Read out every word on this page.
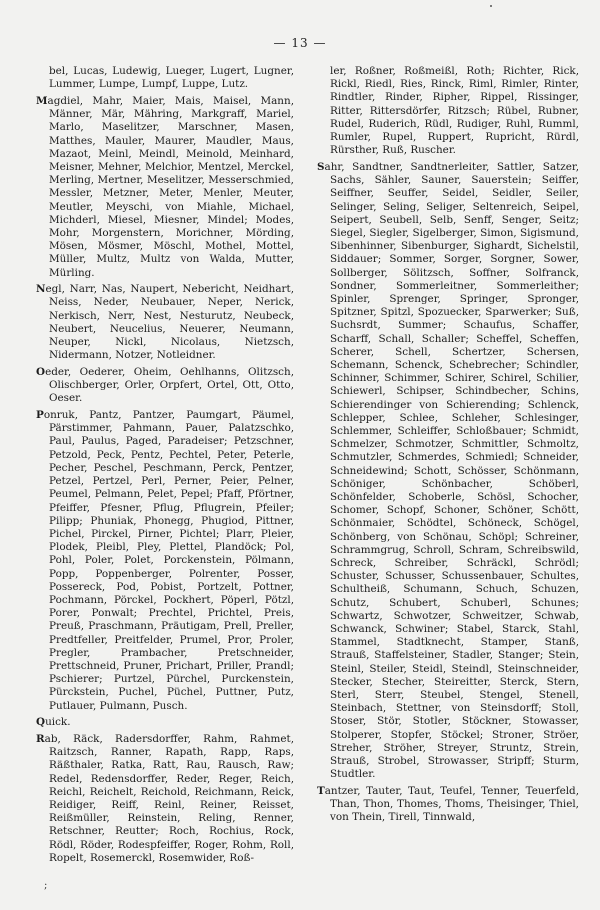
— 13 —

bel, Lucas, Ludewig, Lueger, Lugert, Lugner, Lummer, Lumpe, Lumpf, Luppe, Lutz.

Magdiel, Mahr, Maier, Mais, Maisel, Mann, Männer, Mär, Mähring, Markgraff, Mariel, Marlo, Maselitzer, Marschner, Masen, Matthes, Mauler, Maurer, Maudler, Maus, Mazaot, Meinl, Meindl, Meinold, Meinhard, Meisner, Mehner, Melchior, Mentzel, Merckel, Merling, Mertner, Meselitzer, Messerschmied, Messler, Metzner, Meter, Menler, Meuter, Meutler, Meyschi, von Miahle, Michael, Michderl, Miesel, Miesner, Mindel; Modes, Mohr, Morgenstern, Morichner, Mörding, Mösen, Mösmer, Möschl, Mothel, Mottel, Müller, Multz, Multz von Walda, Mutter, Mürling.

Negl, Narr, Nas, Naupert, Nebericht, Neidhart, Neiss, Neder, Neubauer, Neper, Nerick, Nerkisch, Nerr, Nest, Nesturutz, Neubeck, Neubert, Neucelius, Neuerer, Neumann, Neuper, Nickl, Nicolaus, Nietzsch, Nidermann, Notzer, Notleidner.

Oeder, Oederer, Oheim, Oehlhanns, Olitzsch, Olischberger, Orler, Orpfert, Ortel, Ott, Otto, Oeser.

Ponruk, Pantz, Pantzer, Paumgart, Päumel, Pärstimmer, Pahmann, Pauer, Palatzschko, Paul, Paulus, Paged, Paradeiser; Petzschner, Petzold, Peck, Pentz, Pechtel, Peter, Peterle, Pecher, Peschel, Peschmann, Perck, Pentzer, Petzel, Pertzel, Perl, Perner, Peier, Pelner, Peumel, Pelmann, Pelet, Pepel; Pfaff, Pförtner, Pfeiffer, Pfesner, Pflug, Pflugrein, Pfeiler; Pilipp; Phuniak, Phonegg, Phugiod, Pittner, Pichel, Pirckel, Pirner, Pichtel; Plarr, Pleier, Plodek, Pleibl, Pley, Plettel, Plandöck; Pol, Pohl, Poler, Polet, Porckenstein, Pölmann, Popp, Poppenberger, Polrenter, Posser, Possereck, Pod, Pobist, Portzelt, Pottner, Pochmann, Pörckel, Pockhert, Pöperl, Pötzl, Porer, Ponwalt; Prechtel, Prichtel, Preis, Preuß, Praschmann, Präutigam, Prell, Preller, Predtfeller, Preitfelder, Prumel, Pror, Proler, Pregler, Prambacher, Pretschneider, Prettschneid, Pruner, Prichart, Priller, Prandl; Pschierer; Purtzel, Pürchel, Purckenstein, Pürckstein, Puchel, Püchel, Puttner, Putz, Putlauer, Pulmann, Pusch.

Quick.

Rab, Räck, Radersdorffer, Rahm, Rahmet, Raitzsch, Ranner, Rapath, Rapp, Raps, Räßthaler, Ratka, Ratt, Rau, Rausch, Raw; Redel, Redensdorffer, Reder, Reger, Reich, Reichl, Reichelt, Reichold, Reichmann, Reick, Reidiger, Reiff, Reinl, Reiner, Reisset, Reißmüller, Reinstein, Reling, Renner, Retschner, Reutter; Roch, Rochius, Rock, Rödl, Röder, Rodespfeiffer, Roger, Rohm, Roll, Ropelt, Rosemerckl, Rosemwider, Roß-

ler, Roßner, Roßmeißl, Roth; Richter, Rick, Rickl, Riedl, Ries, Rinck, Riml, Rimler, Rinter, Rindtler, Rinder, Ripher, Rippel, Rissinger, Ritter, Rittersdörfer, Ritzsch; Rübel, Rubner, Rudel, Ruderich, Rüdl, Rudiger, Ruhl, Rumml, Rumler, Rupel, Ruppert, Rupricht, Rürdl, Rürsther, Ruß, Ruscher.

Sahr, Sandtner, Sandtnerleiter, Sattler, Satzer, Sachs, Sähler, Sauner, Sauerstein; Seiffer, Seiffner, Seuffer, Seidel, Seidler, Seiler, Selinger, Seling, Seliger, Seltenreich, Seipel, Seipert, Seubell, Selb, Senff, Senger, Seitz; Siegel, Siegler, Sigelberger, Simon, Sigismund, Sibenhinner, Sibenburger, Sighardt, Sichelstil, Siddauer; Sommer, Sorger, Sorgner, Sower, Sollberger, Sölitzsch, Soffner, Solfranck, Sondner, Sommerleitner, Sommerleither; Spinler, Sprenger, Springer, Spronger, Spitzner, Spitzl, Spozuecker, Sparwerker; Suß, Suchsrdt, Summer; Schaufus, Schaffer, Scharff, Schall, Schaller; Scheffel, Scheffen, Scherer, Schell, Schertzer, Schersen, Schemann, Schenck, Schebrecher; Schindler, Schinner, Schimmer, Schirer, Schirel, Schilier, Schiewerl, Schipser, Schindbecher, Schins, Schierendinger von Schierending; Schlenck, Schlepper, Schlee, Schleher, Schlesinger, Schlemmer, Schleiffer, Schloßbauer; Schmidt, Schmelzer, Schmotzer, Schmittler, Schmoltz, Schmutzler, Schmerdes, Schmiedl; Schneider, Schneidewind; Schott, Schösser, Schönmann, Schöniger, Schönbacher, Schöberl, Schönfelder, Schoberle, Schösl, Schocher, Schomer, Schopf, Schoner, Schöner, Schött, Schönmaier, Schödtel, Schöneck, Schögel, Schönberg, von Schönau, Schöpl; Schreiner, Schrammgrug, Schroll, Schram, Schreibswild, Schreck, Schreiber, Schräckl, Schrödl; Schuster, Schusser, Schussenbauer, Schultes, Schultheiß, Schumann, Schuch, Schuzen, Schutz, Schubert, Schuberl, Schunes; Schwartz, Schwotzer, Schweitzer, Schwab, Schwanck, Schwiner; Stabel, Starck, Stahl, Stammel, Stadtknecht, Stamper, Stanß, Strauß, Staffelsteiner, Stadler, Stanger; Stein, Steinl, Steiler, Steidl, Steindl, Steinschneider, Stecker, Stecher, Steireitter, Sterck, Stern, Sterl, Sterr, Steubel, Stengel, Stenell, Steinbach, Stettner, von Steinsdorff; Stoll, Stoser, Stör, Stotler, Stöckner, Stowasser, Stolperer, Stopfer, Stöckel; Stroner, Ströer, Streher, Ströher, Streyer, Struntz, Strein, Strauß, Strobel, Strowasser, Stripff; Sturm, Studtler.

Tantzer, Tauter, Taut, Teufel, Tenner, Teuerfeld, Than, Thon, Thomes, Thoms, Theisinger, Thiel, von Thein, Tirell, Tinnwald,

;
